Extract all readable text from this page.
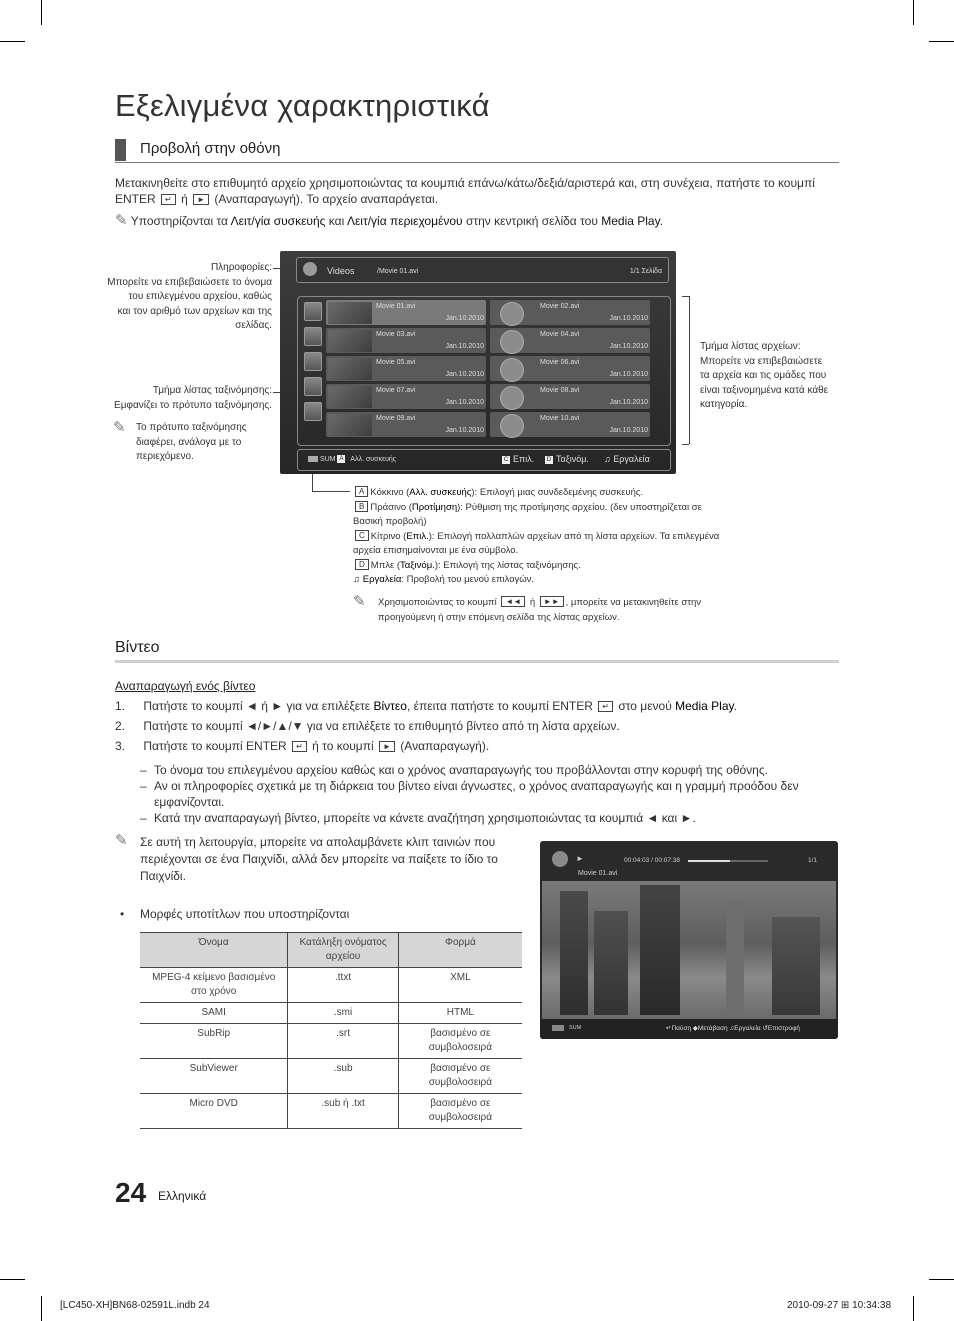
Εξελιγμένα χαρακτηριστικά
Προβολή στην οθόνη
Μετακινηθείτε στο επιθυμητό αρχείο χρησιμοποιώντας τα κουμπιά επάνω/κάτω/δεξιά/αριστερά και, στη συνέχεια, πατήστε το κουμπί
ENTER ↵ ή ► (Αναπαραγωγή). Το αρχείο αναπαράγεται.
✎ Υποστηρίζονται τα Λειτ/γία συσκευής και Λειτ/γία περιεχομένου στην κεντρική σελίδα του Media Play.
Πληροφορίες:
Μπορείτε να επιβεβαιώσετε το όνομα
του επιλεγμένου αρχείου, καθώς
και τον αριθμό των αρχείων και της
σελίδας.
Τμήμα λίστας ταξινόμησης:
Εμφανίζει το πρότυπο ταξινόμησης.
✎ Το πρότυπο ταξινόμησης
διαφέρει, ανάλογα με το
περιεχόμενο.
Τμήμα λίστας αρχείων:
Μπορείτε να επιβεβαιώσετε
τα αρχεία και τις ομάδες που
είναι ταξινομημένα κατά κάθε
κατηγορία.
Videos	/Movie 01.avi	1/1 Σελίδα
Movie 01.avi
Jan.10.2010
Movie 02.avi
Jan.10.2010
Movie 03.avi
Jan.10.2010
Movie 04.avi
Jan.10.2010
Movie 05.avi
Jan.10.2010
Movie 06.avi
Jan.10.2010
Movie 07.avi
Jan.10.2010
Movie 08.avi
Jan.10.2010
Movie 09.avi
Jan.10.2010
Movie 10.avi
Jan.10.2010
SUM A Αλλ. συσκευής	C Επιλ.	D Ταξινόμ. ♫ Εργαλεία
A Κόκκινο (Αλλ. συσκευής): Επιλογή μιας συνδεδεμένης συσκευής.
B Πράσινο (Προτίμηση): Ρύθμιση της προτίμησης αρχείου. (δεν υποστηρίζεται σε
Βασική προβολή)
C Κίτρινο (Επιλ.): Επιλογή πολλαπλών αρχείων από τη λίστα αρχείων. Τα επιλεγμένα
αρχεία επισημαίνονται με ένα σύμβολο.
D Μπλε (Ταξινόμ.): Επιλογή της λίστας ταξινόμησης.
♫ Εργαλεία: Προβολή του μενού επιλογών.
✎ Χρησιμοποιώντας το κουμπί ◄◄ ή ►► , μπορείτε να μετακινηθείτε στην
προηγούμενη ή στην επόμενη σελίδα της λίστας αρχείων.
Βίντεο
Αναπαραγωγή ενός βίντεο
1. Πατήστε το κουμπί ◄ ή ► για να επιλέξετε Βίντεο, έπειτα πατήστε το κουμπί ENTER ↵ στο μενού Media Play.
2. Πατήστε το κουμπί ◄/►/▲/▼ για να επιλέξετε το επιθυμητό βίντεο από τη λίστα αρχείων.
3. Πατήστε το κουμπί ENTER ↵ ή το κουμπί ► (Αναπαραγωγή).
– Το όνομα του επιλεγμένου αρχείου καθώς και ο χρόνος αναπαραγωγής του προβάλλονται στην κορυφή της οθόνης.
– Αν οι πληροφορίες σχετικά με τη διάρκεια του βίντεο είναι άγνωστες, ο χρόνος αναπαραγωγής και η γραμμή προόδου δεν
εμφανίζονται.
– Κατά την αναπαραγωγή βίντεο, μπορείτε να κάνετε αναζήτηση χρησιμοποιώντας τα κουμπιά ◄ και ►.
✎ Σε αυτή τη λειτουργία, μπορείτε να απολαμβάνετε κλιπ ταινιών που
περιέχονται σε ένα Παιχνίδι, αλλά δεν μπορείτε να παίξετε το ίδιο το
Παιχνίδι.
• Μορφές υποτίτλων που υποστηρίζονται
Όνομα	Κατάληξη ονόματος αρχείου	Φορμά
MPEG-4 κείμενο βασισμένο στο χρόνο	.ttxt	XML
SAMI	.smi	HTML
SubRip	.srt	βασισμένο σε συμβολοσειρά
SubViewer	.sub	βασισμένο σε συμβολοσειρά
Micro DVD	.sub ή .txt	βασισμένο σε συμβολοσειρά
►	00:04:03 / 00:07:38	1/1
Movie 01.avi
SUM	↵Παύση ◆Μετάβαση ♫Εργαλεία ↺Επιστροφή
24 Ελληνικά
[LC450-XH]BN68-02591L.indb 24	2010-09-27 ⊞ 10:34:38
